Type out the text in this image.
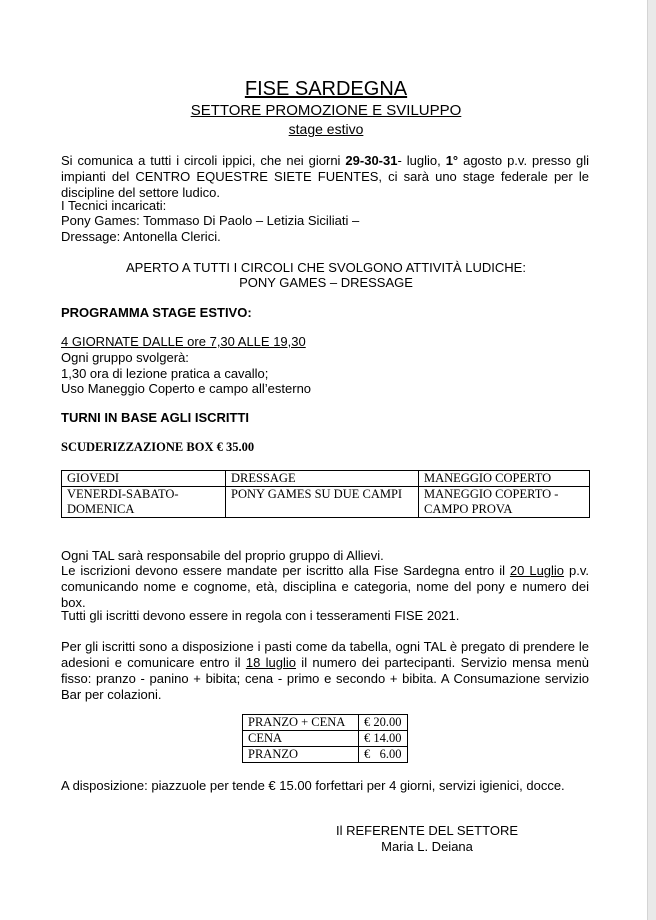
FISE SARDEGNA
SETTORE PROMOZIONE E SVILUPPO
stage estivo
Si comunica a tutti i circoli ippici, che nei giorni 29-30-31- luglio, 1° agosto p.v. presso gli impianti del CENTRO EQUESTRE SIETE FUENTES, ci sarà uno stage federale per le discipline del settore ludico.
I Tecnici incaricati:
Pony Games: Tommaso Di Paolo – Letizia Siciliati –
Dressage: Antonella Clerici.
APERTO A TUTTI I CIRCOLI CHE SVOLGONO ATTIVITÀ LUDICHE:
PONY GAMES – DRESSAGE
PROGRAMMA STAGE ESTIVO:
4 GIORNATE DALLE ore 7,30 ALLE 19,30
Ogni gruppo svolgerà:
1,30 ora di lezione pratica a cavallo;
Uso Maneggio Coperto e campo all’esterno
TURNI IN BASE AGLI ISCRITTI
SCUDERIZZAZIONE BOX € 35.00
GIOVEDI	DRESSAGE	MANEGGIO COPERTO
VENERDI-SABATO-DOMENICA	PONY GAMES SU DUE CAMPI	MANEGGIO COPERTO - CAMPO PROVA
Ogni TAL sarà responsabile del proprio gruppo di Allievi.
Le iscrizioni devono essere mandate per iscritto alla Fise Sardegna entro il 20 Luglio p.v. comunicando nome e cognome, età, disciplina e categoria, nome del pony e numero dei box.
Tutti gli iscritti devono essere in regola con i tesseramenti FISE 2021.
Per gli iscritti sono a disposizione i pasti come da tabella, ogni TAL è pregato di prendere le adesioni e comunicare entro il 18 luglio il numero dei partecipanti. Servizio mensa menù fisso: pranzo - panino + bibita; cena - primo e secondo + bibita. A Consumazione servizio Bar per colazioni.
PRANZO + CENA	€ 20.00
CENA	€ 14.00
PRANZO	€   6.00
A disposizione: piazzuole per tende € 15.00 forfettari per 4 giorni, servizi igienici, docce.
Il REFERENTE DEL SETTORE
Maria L. Deiana
